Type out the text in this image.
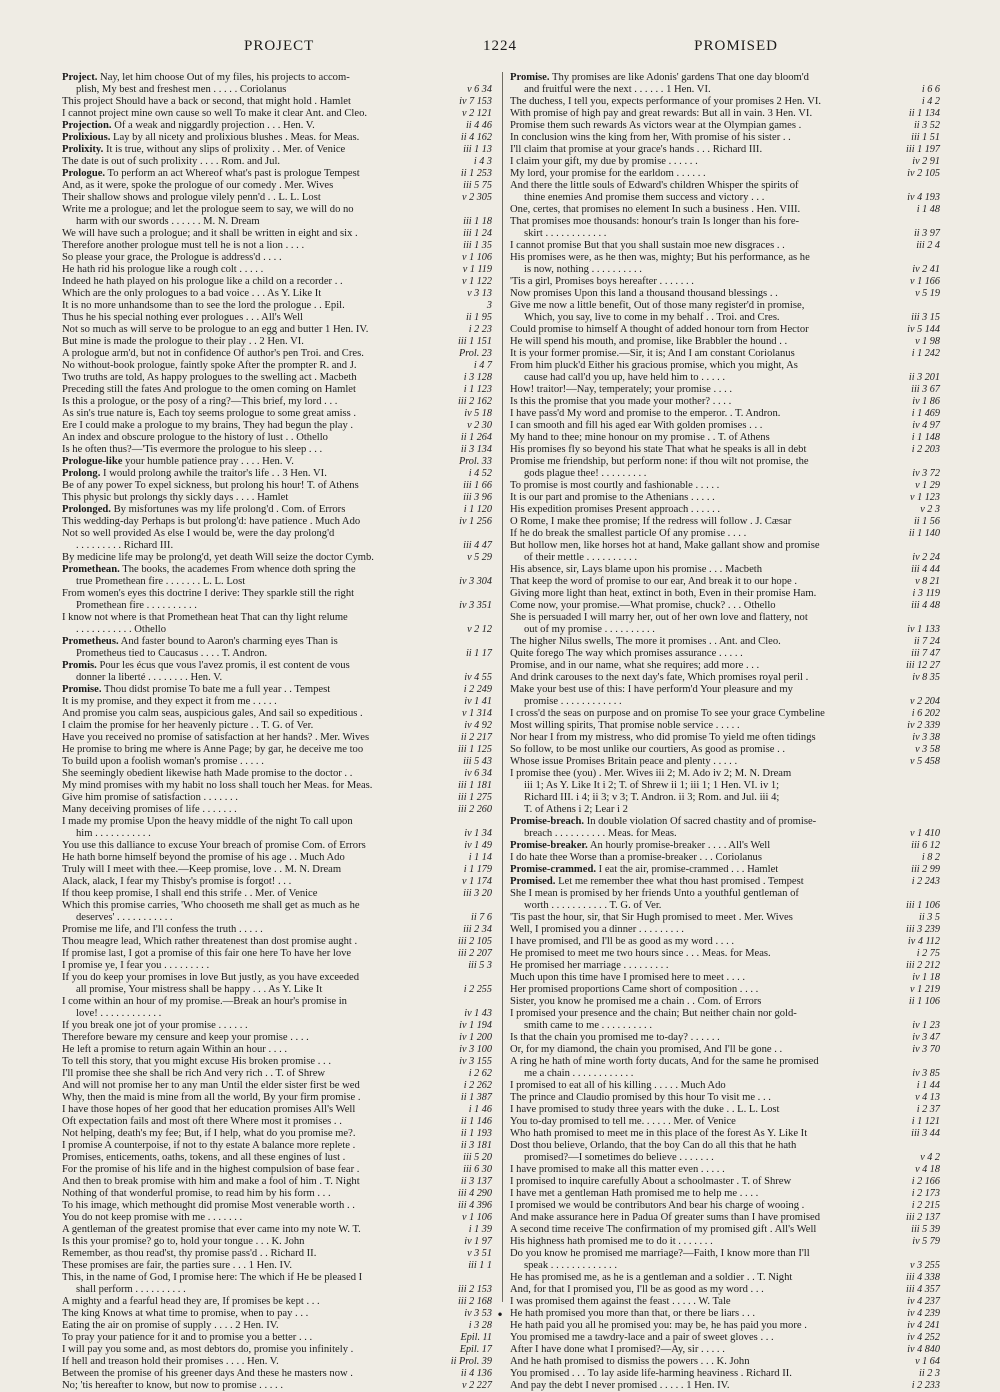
PROJECT	1224	PROMISED
Project. Nay, let him choose Out of my files, his projects to accom-
plish, My best and freshest men . . . . . Coriolanus	v 6 34
This project Should have a back or second, that might hold . Hamlet	iv 7 153
I cannot project mine own cause so well To make it clear Ant. and Cleo.	v 2 121
Projection. Of a weak and niggardly projection . . . Hen. V.	ii 4 46
Prolixious. Lay by all nicety and prolixious blushes . Meas. for Meas.	ii 4 162
Prolixity. It is true, without any slips of prolixity . . Mer. of Venice	iii 1 13
The date is out of such prolixity . . . . Rom. and Jul.	i 4 3
Prologue. To perform an act Whereof what's past is prologue Tempest	ii 1 253
And, as it were, spoke the prologue of our comedy . Mer. Wives	iii 5 75
Their shallow shows and prologue vilely penn'd . . L. L. Lost	v 2 305
Write me a prologue; and let the prologue seem to say, we will do no
harm with our swords . . . . . . M. N. Dream	iii 1 18
We will have such a prologue; and it shall be written in eight and six .	iii 1 24
Therefore another prologue must tell he is not a lion . . . .	iii 1 35
So please your grace, the Prologue is address'd . . . .	v 1 106
He hath rid his prologue like a rough colt . . . . .	v 1 119
Indeed he hath played on his prologue like a child on a recorder . .	v 1 122
Which are the only prologues to a bad voice . . . As Y. Like It	v 3 13
It is no more unhandsome than to see the lord the prologue . . Epil.	3
Thus he his special nothing ever prologues . . . All's Well	ii 1 95
Not so much as will serve to be prologue to an egg and butter 1 Hen. IV.	i 2 23
But mine is made the prologue to their play . . 2 Hen. VI.	iii 1 151
A prologue arm'd, but not in confidence Of author's pen Troi. and Cres.	Prol. 23
No without-book prologue, faintly spoke After the prompter R. and J.	i 4 7
Two truths are told, As happy prologues to the swelling act . Macbeth	i 3 128
Preceding still the fates And prologue to the omen coming on Hamlet	i 1 123
Is this a prologue, or the posy of a ring?—This brief, my lord . . .	iii 2 162
As sin's true nature is, Each toy seems prologue to some great amiss .	iv 5 18
Ere I could make a prologue to my brains, They had begun the play .	v 2 30
An index and obscure prologue to the history of lust . . Othello	ii 1 264
Is he often thus?—'Tis evermore the prologue to his sleep . . .	ii 3 134
Prologue-like your humble patience pray . . . . Hen. V.	Prol. 33
Prolong. I would prolong awhile the traitor's life . . 3 Hen. VI.	i 4 52
Be of any power To expel sickness, but prolong his hour! T. of Athens	iii 1 66
This physic but prolongs thy sickly days . . . . Hamlet	iii 3 96
Prolonged. By misfortunes was my life prolong'd . Com. of Errors	i 1 120
This wedding-day Perhaps is but prolong'd: have patience . Much Ado	iv 1 256
Not so well provided As else I would be, were the day prolong'd
. . . . . . . . . Richard III.	iii 4 47
By medicine life may be prolong'd, yet death Will seize the doctor Cymb.	v 5 29
Promethean. The books, the academes From whence doth spring the
true Promethean fire . . . . . . . L. L. Lost	iv 3 304
From women's eyes this doctrine I derive: They sparkle still the right
Promethean fire . . . . . . . . . .	iv 3 351
I know not where is that Promethean heat That can thy light relume
. . . . . . . . . . . Othello	v 2 12
Prometheus. And faster bound to Aaron's charming eyes Than is
Prometheus tied to Caucasus . . . . T. Andron.	ii 1 17
Promis. Pour les écus que vous l'avez promis, il est content de vous
donner la liberté . . . . . . . . Hen. V.	iv 4 55
Promise. Thou didst promise To bate me a full year . . Tempest	i 2 249
It is my promise, and they expect it from me . . . . .	iv 1 41
And promise you calm seas, auspicious gales, And sail so expeditious .	v 1 314
I claim the promise for her heavenly picture . . T. G. of Ver.	iv 4 92
Have you received no promise of satisfaction at her hands? . Mer. Wives	ii 2 217
He promise to bring me where is Anne Page; by gar, he deceive me too	iii 1 125
To build upon a foolish woman's promise . . . . .	iii 5 43
She seemingly obedient likewise hath Made promise to the doctor . .	iv 6 34
My mind promises with my habit no loss shall touch her Meas. for Meas.	iii 1 181
Give him promise of satisfaction . . . . . . .	iii 1 275
Many deceiving promises of life . . . . . . .	iii 2 260
I made my promise Upon the heavy middle of the night To call upon
him . . . . . . . . . . .	iv 1 34
You use this dalliance to excuse Your breach of promise Com. of Errors	iv 1 49
He hath borne himself beyond the promise of his age . . Much Ado	i 1 14
Truly will I meet with thee.—Keep promise, love . . M. N. Dream	i 1 179
Alack, alack, I fear my Thisby's promise is forgot! . . .	v 1 174
If thou keep promise, I shall end this strife . . Mer. of Venice	iii 3 20
Which this promise carries, 'Who chooseth me shall get as much as he
deserves' . . . . . . . . . . .	ii 7 6
Promise me life, and I'll confess the truth . . . . .	iii 2 34
Thou meagre lead, Which rather threatenest than dost promise aught .	iii 2 105
If promise last, I got a promise of this fair one here To have her love	iii 2 207
I promise ye, I fear you . . . . . . . . .	iii 5 3
If you do keep your promises in love But justly, as you have exceeded
all promise, Your mistress shall be happy . . . As Y. Like It	i 2 255
I come within an hour of my promise.—Break an hour's promise in
love! . . . . . . . . . . . .	iv 1 43
If you break one jot of your promise . . . . . .	iv 1 194
Therefore beware my censure and keep your promise . . . .	iv 1 200
He left a promise to return again Within an hour . . . .	iv 3 100
To tell this story, that you might excuse His broken promise . . .	iv 3 155
I'll promise thee she shall be rich And very rich . . T. of Shrew	i 2 62
And will not promise her to any man Until the elder sister first be wed	i 2 262
Why, then the maid is mine from all the world, By your firm promise .	ii 1 387
I have those hopes of her good that her education promises All's Well	i 1 46
Oft expectation fails and most oft there Where most it promises . .	ii 1 146
Not helping, death's my fee; But, if I help, what do you promise me?.	ii 1 193
I promise A counterpoise, if not to thy estate A balance more replete .	ii 3 181
Promises, enticements, oaths, tokens, and all these engines of lust .	iii 5 20
For the promise of his life and in the highest compulsion of base fear .	iii 6 30
And then to break promise with him and make a fool of him . T. Night	ii 3 137
Nothing of that wonderful promise, to read him by his form . . .	iii 4 290
To his image, which methought did promise Most venerable worth . .	iii 4 396
You do not keep promise with me . . . . . . .	v 1 106
A gentleman of the greatest promise that ever came into my note W. T.	i 1 39
Is this your promise? go to, hold your tongue . . . K. John	iv 1 97
Remember, as thou read'st, thy promise pass'd . . Richard II.	v 3 51
These promises are fair, the parties sure . . . 1 Hen. IV.	iii 1 1
This, in the name of God, I promise here: The which if He be pleased I
shall perform . . . . . . . . . .	iii 2 153
A mighty and a fearful head they are, If promises be kept . . .	iii 2 168
The king Knows at what time to promise, when to pay . . .	iv 3 53
Eating the air on promise of supply . . . . 2 Hen. IV.	i 3 28
To pray your patience for it and to promise you a better . . .	Epil. 11
I will pay you some and, as most debtors do, promise you infinitely .	Epil. 17
If hell and treason hold their promises . . . . Hen. V.	ii Prol. 39
Between the promise of his greener days And these he masters now .	ii 4 136
No; 'tis hereafter to know, but now to promise . . . . .	v 2 227
Promise. Thy promises are like Adonis' gardens That one day bloom'd
and fruitful were the next . . . . . . 1 Hen. VI.	i 6 6
The duchess, I tell you, expects performance of your promises 2 Hen. VI.	i 4 2
With promise of high pay and great rewards: But all in vain. 3 Hen. VI.	ii 1 134
Promise them such rewards As victors wear at the Olympian games .	ii 3 52
In conclusion wins the king from her, With promise of his sister . .	iii 1 51
I'll claim that promise at your grace's hands . . . Richard III.	iii 1 197
I claim your gift, my due by promise . . . . . .	iv 2 91
My lord, your promise for the earldom . . . . . .	iv 2 105
And there the little souls of Edward's children Whisper the spirits of
thine enemies And promise them success and victory . . .	iv 4 193
One, certes, that promises no element In such a business . Hen. VIII.	i 1 48
That promises moe thousands: honour's train Is longer than his fore-
skirt . . . . . . . . . . . .	ii 3 97
I cannot promise But that you shall sustain moe new disgraces . .	iii 2 4
His promises were, as he then was, mighty; But his performance, as he
is now, nothing . . . . . . . . . .	iv 2 41
'Tis a girl, Promises boys hereafter . . . . . . .	v 1 166
Now promises Upon this land a thousand thousand blessings . .	v 5 19
Give me now a little benefit, Out of those many register'd in promise,
Which, you say, live to come in my behalf . . Troi. and Cres.	iii 3 15
Could promise to himself A thought of added honour torn from Hector	iv 5 144
He will spend his mouth, and promise, like Brabbler the hound . .	v 1 98
It is your former promise.—Sir, it is; And I am constant Coriolanus	i 1 242
From him pluck'd Either his gracious promise, which you might, As
cause had call'd you up, have held him to . . . . .	ii 3 201
How! traitor!—Nay, temperately; your promise . . . .	iii 3 67
Is this the promise that you made your mother? . . . .	iv 1 86
I have pass'd My word and promise to the emperor. . T. Andron.	i 1 469
I can smooth and fill his aged ear With golden promises . . .	iv 4 97
My hand to thee; mine honour on my promise . . T. of Athens	i 1 148
His promises fly so beyond his state That what he speaks is all in debt	i 2 203
Promise me friendship, but perform none: if thou wilt not promise, the
gods plague thee! . . . . . . . . .	iv 3 72
To promise is most courtly and fashionable . . . . .	v 1 29
It is our part and promise to the Athenians . . . . .	v 1 123
His expedition promises Present approach . . . . . .	v 2 3
O Rome, I make thee promise; If the redress will follow . J. Cæsar	ii 1 56
If he do break the smallest particle Of any promise . . . .	ii 1 140
But hollow men, like horses hot at hand, Make gallant show and promise
of their mettle . . . . . . . . . .	iv 2 24
His absence, sir, Lays blame upon his promise . . . Macbeth	iii 4 44
That keep the word of promise to our ear, And break it to our hope .	v 8 21
Giving more light than heat, extinct in both, Even in their promise Ham.	i 3 119
Come now, your promise.—What promise, chuck? . . . Othello	iii 4 48
She is persuaded I will marry her, out of her own love and flattery, not
out of my promise . . . . . . . . . .	iv 1 133
The higher Nilus swells, The more it promises . . Ant. and Cleo.	ii 7 24
Quite forego The way which promises assurance . . . . .	iii 7 47
Promise, and in our name, what she requires; add more . . .	iii 12 27
And drink carouses to the next day's fate, Which promises royal peril .	iv 8 35
Make your best use of this: I have perform'd Your pleasure and my
promise . . . . . . . . . . . .	v 2 204
I cross'd the seas on purpose and on promise To see your grace Cymbeline	i 6 202
Most willing spirits, That promise noble service . . . . .	iv 2 339
Nor hear I from my mistress, who did promise To yield me often tidings	iv 3 38
So follow, to be most unlike our courtiers, As good as promise . .	v 3 58
Whose issue Promises Britain peace and plenty . . . . .	v 5 458
I promise thee (you) . Mer. Wives iii 2; M. Ado iv 2; M. N. Dream
iii 1; As Y. Like It i 2; T. of Shrew ii 1; iii 1; 1 Hen. VI. iv 1;
Richard III. i 4; ii 3; v 3; T. Andron. ii 3; Rom. and Jul. iii 4;
T. of Athens i 2; Lear i 2
Promise-breach. In double violation Of sacred chastity and of promise-
breach . . . . . . . . . . Meas. for Meas.	v 1 410
Promise-breaker. An hourly promise-breaker . . . . All's Well	iii 6 12
I do hate thee Worse than a promise-breaker . . . Coriolanus	i 8 2
Promise-crammed. I eat the air, promise-crammed . . . Hamlet	iii 2 99
Promised. Let me remember thee what thou hast promised . Tempest	i 2 243
She I mean is promised by her friends Unto a youthful gentleman of
worth . . . . . . . . . . . T. G. of Ver.	iii 1 106
'Tis past the hour, sir, that Sir Hugh promised to meet . Mer. Wives	ii 3 5
Well, I promised you a dinner . . . . . . . . .	iii 3 239
I have promised, and I'll be as good as my word . . . .	iv 4 112
He promised to meet me two hours since . . . Meas. for Meas.	i 2 75
He promised her marriage . . . . . . . . .	iii 2 212
Much upon this time have I promised here to meet . . . .	iv 1 18
Her promised proportions Came short of composition . . . .	v 1 219
Sister, you know he promised me a chain . . Com. of Errors	ii 1 106
I promised your presence and the chain; But neither chain nor gold-
smith came to me . . . . . . . . . .	iv 1 23
Is that the chain you promised me to-day? . . . . . .	iv 3 47
Or, for my diamond, the chain you promised, And I'll be gone . .	iv 3 70
A ring he hath of mine worth forty ducats, And for the same he promised
me a chain . . . . . . . . . . . .	iv 3 85
I promised to eat all of his killing . . . . . Much Ado	i 1 44
The prince and Claudio promised by this hour To visit me . . .	v 4 13
I have promised to study three years with the duke . . L. L. Lost	i 2 37
You to-day promised to tell me. . . . . . Mer. of Venice	i 1 121
Who hath promised to meet me in this place of the forest As Y. Like It	iii 3 44
Dost thou believe, Orlando, that the boy Can do all this that he hath
promised?—I sometimes do believe . . . . . . .	v 4 2
I have promised to make all this matter even . . . . .	v 4 18
I promised to inquire carefully About a schoolmaster . T. of Shrew	i 2 166
I have met a gentleman Hath promised me to help me . . . .	i 2 173
I promised we would be contributors And bear his charge of wooing .	i 2 215
And make assurance here in Padua Of greater sums than I have promised	iii 2 137
A second time receive The confirmation of my promised gift . All's Well	iii 5 39
His highness hath promised me to do it . . . . . . .	iv 5 79
Do you know he promised me marriage?—Faith, I know more than I'll
speak . . . . . . . . . . . . .	v 3 255
He has promised me, as he is a gentleman and a soldier . . T. Night	iii 4 338
And, for that I promised you, I'll be as good as my word . . .	iii 4 357
I was promised them against the feast . . . . . W. Tale	iv 4 237
He hath promised you more than that, or there be liars . . .	iv 4 239
He hath paid you all he promised you: may be, he has paid you more .	iv 4 241
You promised me a tawdry-lace and a pair of sweet gloves . . .	iv 4 252
After I have done what I promised?—Ay, sir . . . . .	iv 4 840
And he hath promised to dismiss the powers . . . K. John	v 1 64
You promised . . . To lay aside life-harming heaviness . Richard II.	ii 2 3
And pay the debt I never promised . . . . . 1 Hen. IV.	i 2 233
•
